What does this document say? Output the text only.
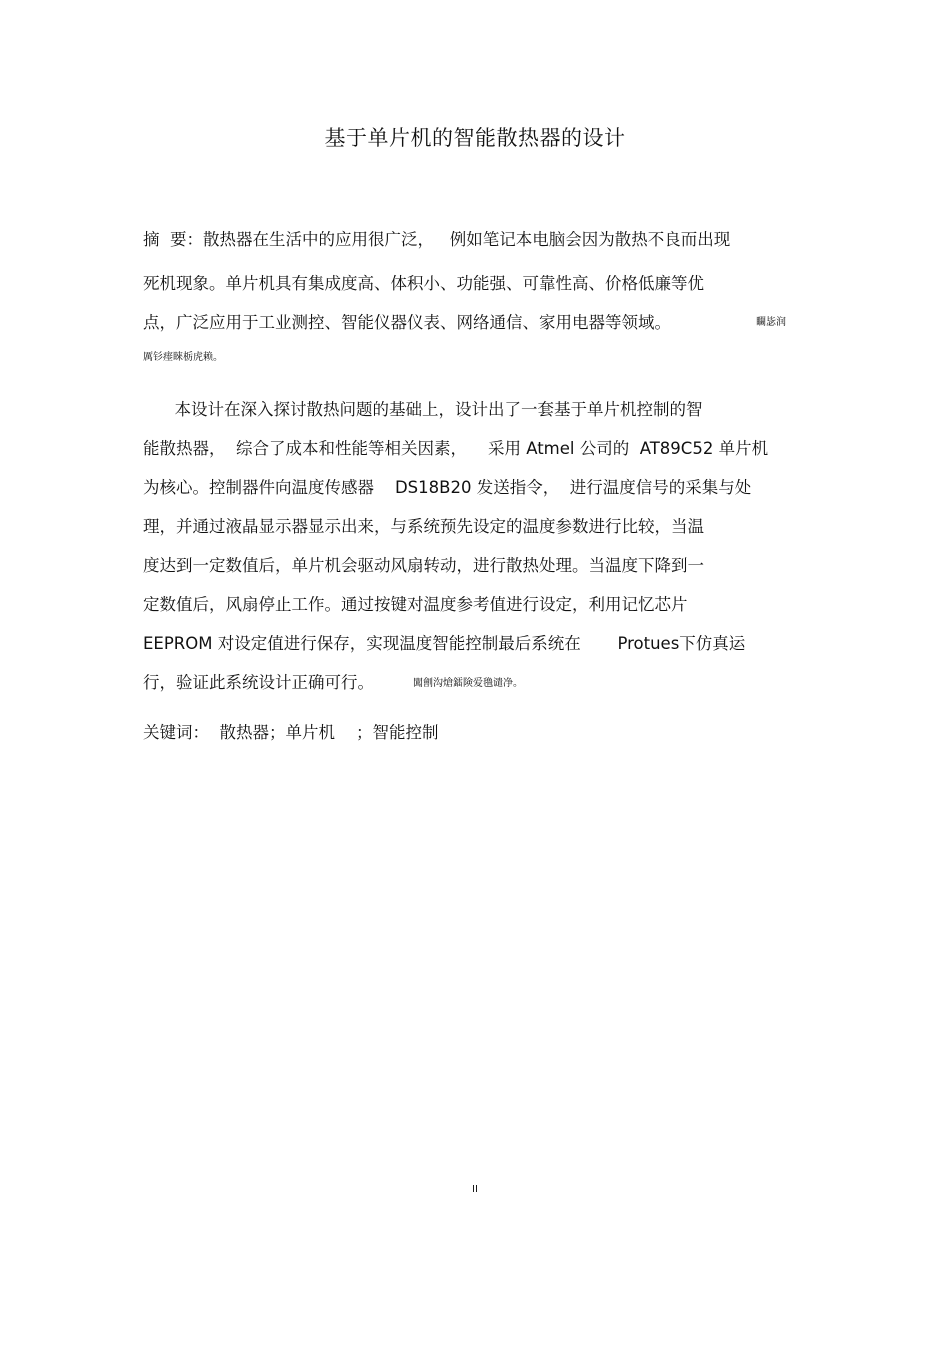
基于单片机的智能散热器的设计
摘  要：散热器在生活中的应用很广泛，   例如笔记本电脑会因为散热不良而出现
死机现象。单片机具有集成度高、体积小、功能强、可靠性高、价格低廉等优
点，广泛应用于工业测控、智能仪器仪表、网络通信、家用电器等领域。	矙毖润
厲钐瘗睞栃虎赖。
本设计在深入探讨散热问题的基础上，设计出了一套基于单片机控制的智
能散热器，  综合了成本和性能等相关因素，    采用 Atmel 公司的  AT89C52 单片机
为核心。控制器件向温度传感器    DS18B20 发送指令，  进行温度信号的采集与处
理，并通过液晶显示器显示出来，与系统预先设定的温度参数进行比较，当温
度达到一定数值后，单片机会驱动风扇转动，进行散热处理。当温度下降到一
定数值后，风扇停止工作。通过按键对温度参考值进行设定，利用记忆芯片
EEPROM 对设定值进行保存，实现温度智能控制最后系统在       Protues下仿真运
行，验证此系统设计正确可行。	闖劊沟熗鐳険爱氇谴净。
关键词：  散热器；单片机    ；智能控制
II
